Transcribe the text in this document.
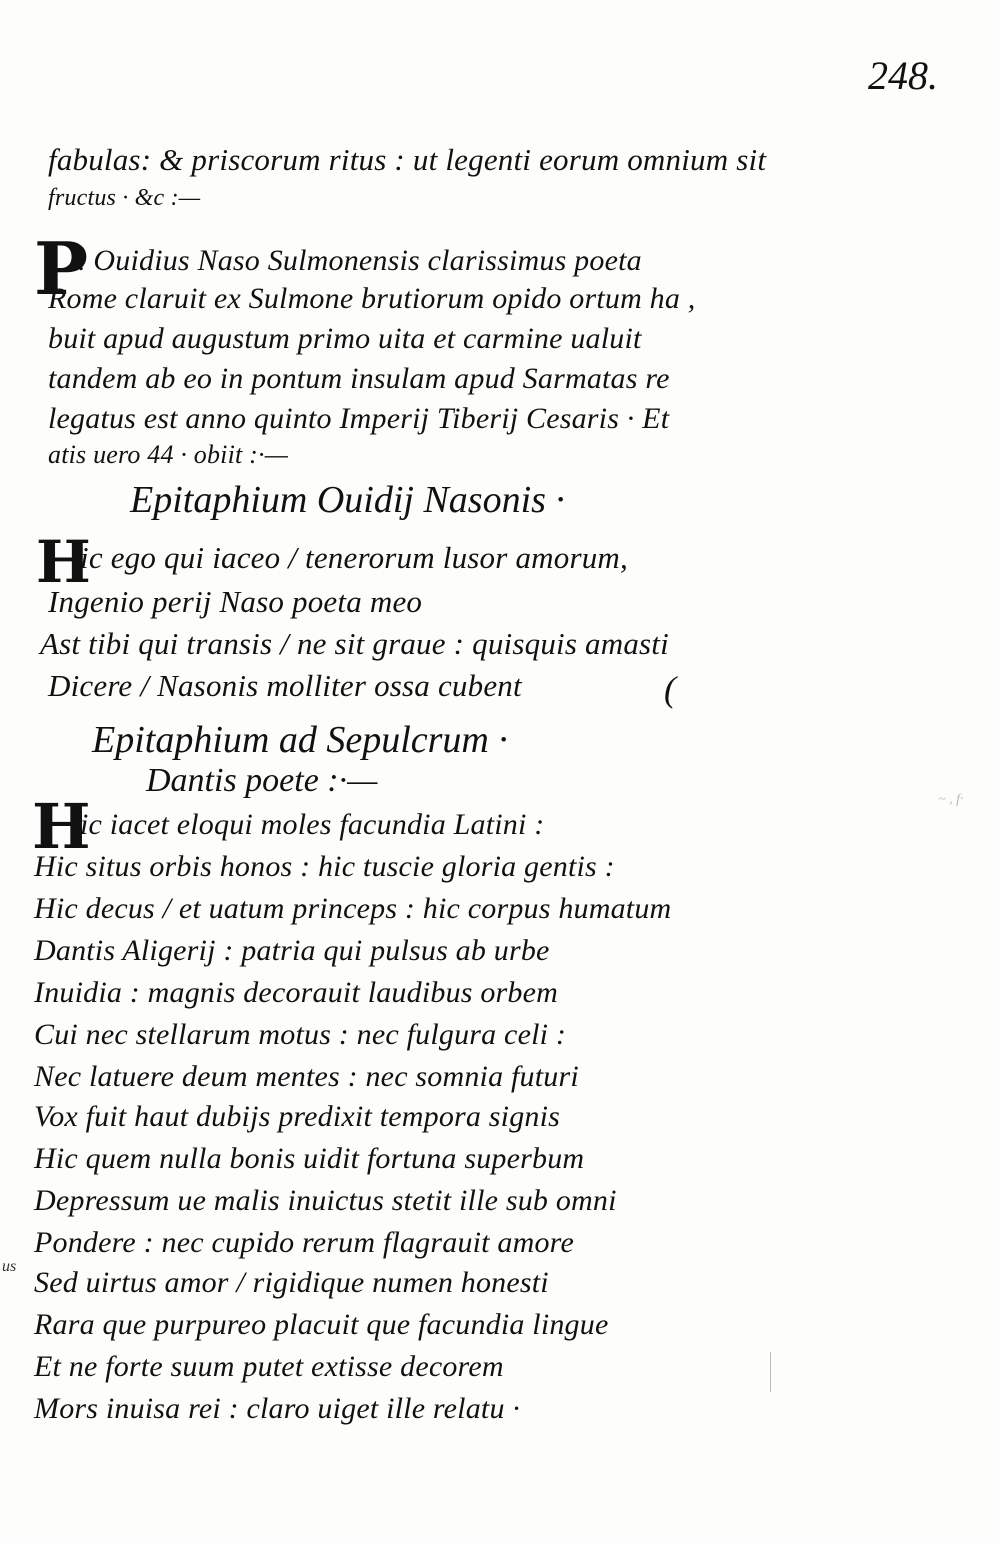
248.
fabulas: & priscorum ritus : ut legenti eorum omnium sit
fructus · &c :—
P
. Ouidius Naso Sulmonensis clarissimus poeta
Rome claruit ex Sulmone brutiorum opido ortum ha ,
buit apud augustum primo uita et carmine ualuit
tandem ab eo in pontum insulam apud Sarmatas re
legatus est anno quinto Imperij Tiberij Cesaris · Et
atis uero 44 · obiit :·—
Epitaphium Ouidij Nasonis ·
H
ic ego qui iaceo / tenerorum lusor amorum,
Ingenio perij Naso poeta meo
Ast tibi qui transis / ne sit graue : quisquis amasti
Dicere / Nasonis molliter ossa cubent	(
Epitaphium ad Sepulcrum ·
Dantis poete :·—
H
ic iacet eloqui moles facundia Latini :
Hic situs orbis honos : hic tuscie gloria gentis :
Hic decus / et uatum princeps : hic corpus humatum
Dantis Aligerij : patria qui pulsus ab urbe
Inuidia : magnis decorauit laudibus orbem
Cui nec stellarum motus : nec fulgura celi :
Nec latuere deum mentes : nec somnia futuri
Vox fuit haut dubijs predixit tempora signis
Hic quem nulla bonis uidit fortuna superbum
Depressum ue malis inuictus stetit ille sub omni
Pondere : nec cupido rerum flagrauit amore
Sed uirtus amor / rigidique numen honesti
Rara que purpureo placuit que facundia lingue
Et ne forte suum putet extisse decorem
Mors inuisa rei : claro uiget ille relatu ·
us
~ , f·
